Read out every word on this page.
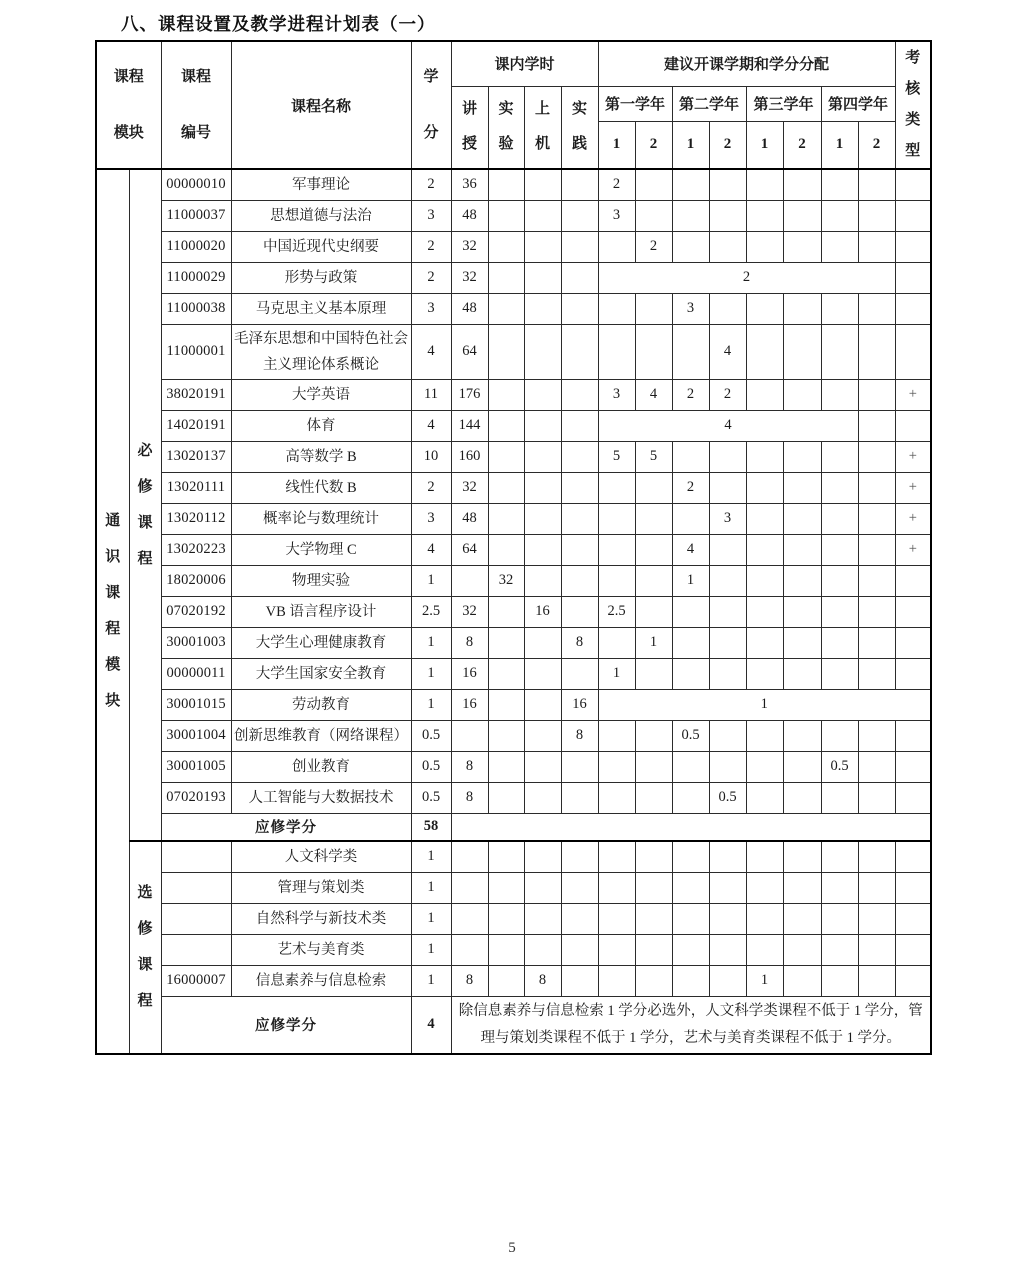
八、课程设置及教学进程计划表（一）
课程模块		课程编号	课程名称	学分	课内学时				建议开课学期和学分分配								考核类型

					讲授	实验	上机	实践	第一学年		第二学年		第三学年		第四学年		
									1	2	1	2	1	2	1	2	

通识课程模块	必修课程	00000010	军事理论	2	36				2								
		11000037	思想道德与法治	3	48				3								
		11000020	中国近现代史纲要	2	32					2							
		11000029	形势与政策	2	32				2								
		11000038	马克思主义基本原理	3	48						3						
		11000001	毛泽东思想和中国特色社会主义理论体系概论	4	64							4					
		38020191	大学英语	11	176				3	4	2	2					+
		14020191	体育	4	144				4								
		13020137	高等数学 B	10	160				5	5							+
		13020111	线性代数 B	2	32						2						+
		13020112	概率论与数理统计	3	48							3					+
		13020223	大学物理 C	4	64						4						+
		18020006	物理实验	1		32					1						
		07020192	VB 语言程序设计	2.5	32		16		2.5								
		30001003	大学生心理健康教育	1	8			8		1							
		00000011	大学生国家安全教育	1	16				1								
		30001015	劳动教育	1	16			16	1								
		30001004	创新思维教育（网络课程）	0.5				8			0.5						
		30001005	创业教育	0.5	8										0.5		
		07020193	人工智能与大数据技术	0.5	8							0.5					
		应修学分		58													

	选修课程		人文科学类	1													
			管理与策划类	1													
			自然科学与新技术类	1													
			艺术与美育类	1													
		16000007	信息素养与信息检索	1	8		8						1				
		应修学分		4	除信息素养与信息检索 1 学分必选外，人文科学类课程不低于 1 学分，管理与策划类课程不低于 1 学分，艺术与美育类课程不低于 1 学分。												
5
